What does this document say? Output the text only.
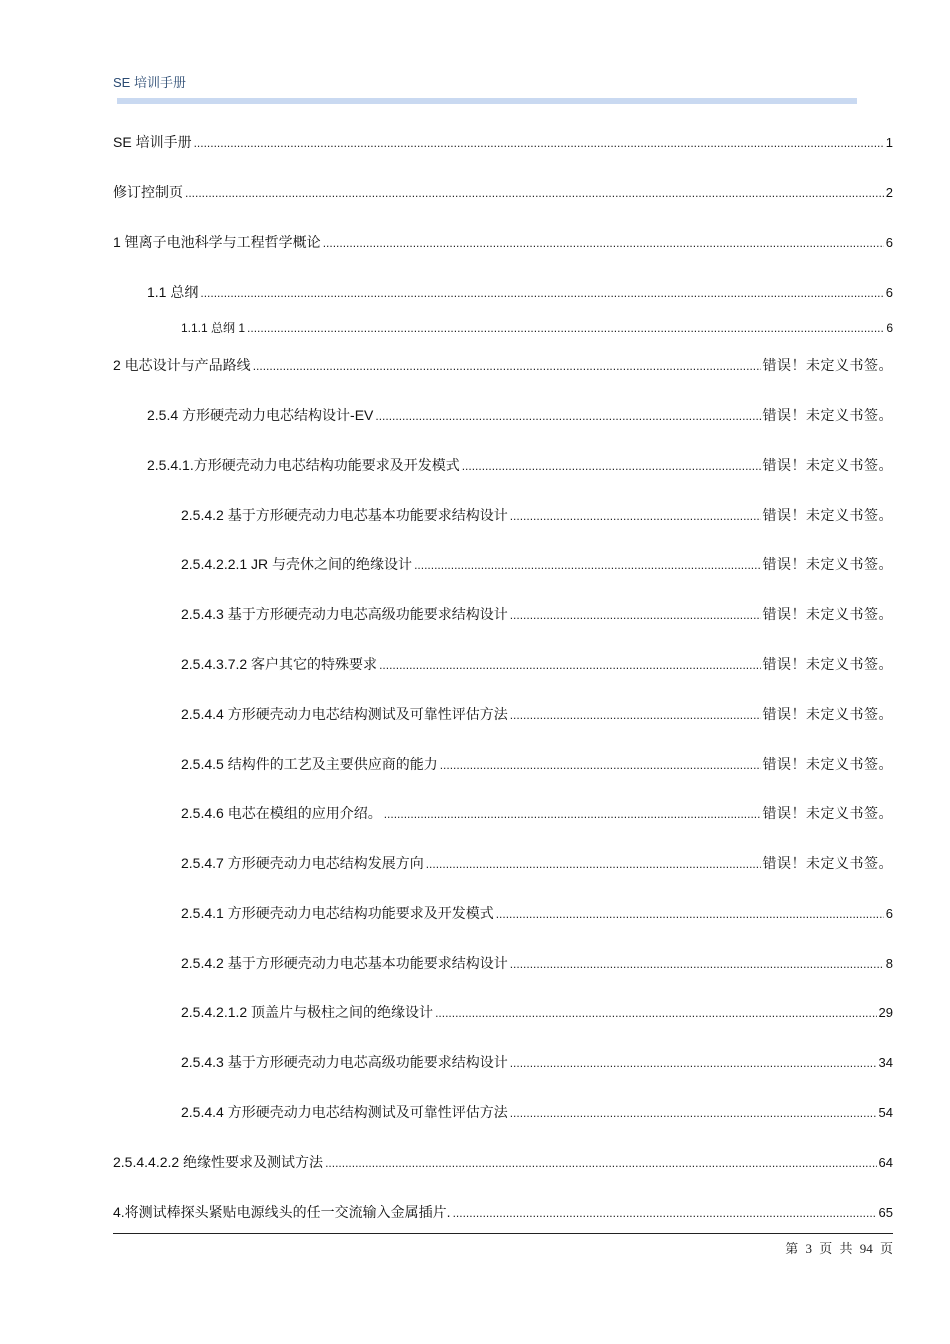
SE 培训手册
SE 培训手册 .....	1
修订控制页 .....	2
1 锂离子电池科学与工程哲学概论 .....	6
1.1 总纲 .....	6
1.1.1 总纲 1 .....	6
2 电芯设计与产品路线 .....	错误！未定义书签。
2.5.4 方形硬壳动力电芯结构设计-EV .....	错误！未定义书签。
2.5.4.1.方形硬壳动力电芯结构功能要求及开发模式 .....	错误！未定义书签。
2.5.4.2 基于方形硬壳动力电芯基本功能要求结构设计 .....	错误！未定义书签。
2.5.4.2.2.1 JR 与壳休之间的绝缘设计 .....	错误！未定义书签。
2.5.4.3 基于方形硬壳动力电芯高级功能要求结构设计 .....	错误！未定义书签。
2.5.4.3.7.2 客户其它的特殊要求 .....	错误！未定义书签。
2.5.4.4 方形硬壳动力电芯结构测试及可靠性评估方法 .....	错误！未定义书签。
2.5.4.5 结构件的工艺及主要供应商的能力 .....	错误！未定义书签。
2.5.4.6 电芯在模组的应用介绍。 .....	错误！未定义书签。
2.5.4.7 方形硬壳动力电芯结构发展方向 .....	错误！未定义书签。
2.5.4.1 方形硬壳动力电芯结构功能要求及开发模式 .....	6
2.5.4.2 基于方形硬壳动力电芯基本功能要求结构设计 .....	8
2.5.4.2.1.2 顶盖片与极柱之间的绝缘设计 .....	29
2.5.4.3 基于方形硬壳动力电芯高级功能要求结构设计 .....	34
2.5.4.4 方形硬壳动力电芯结构测试及可靠性评估方法 .....	54
2.5.4.4.2.2 绝缘性要求及测试方法 .....	64
4.将测试棒探头紧贴电源线头的任一交流输入金属插片. .....	65
第 3 页 共 94 页
